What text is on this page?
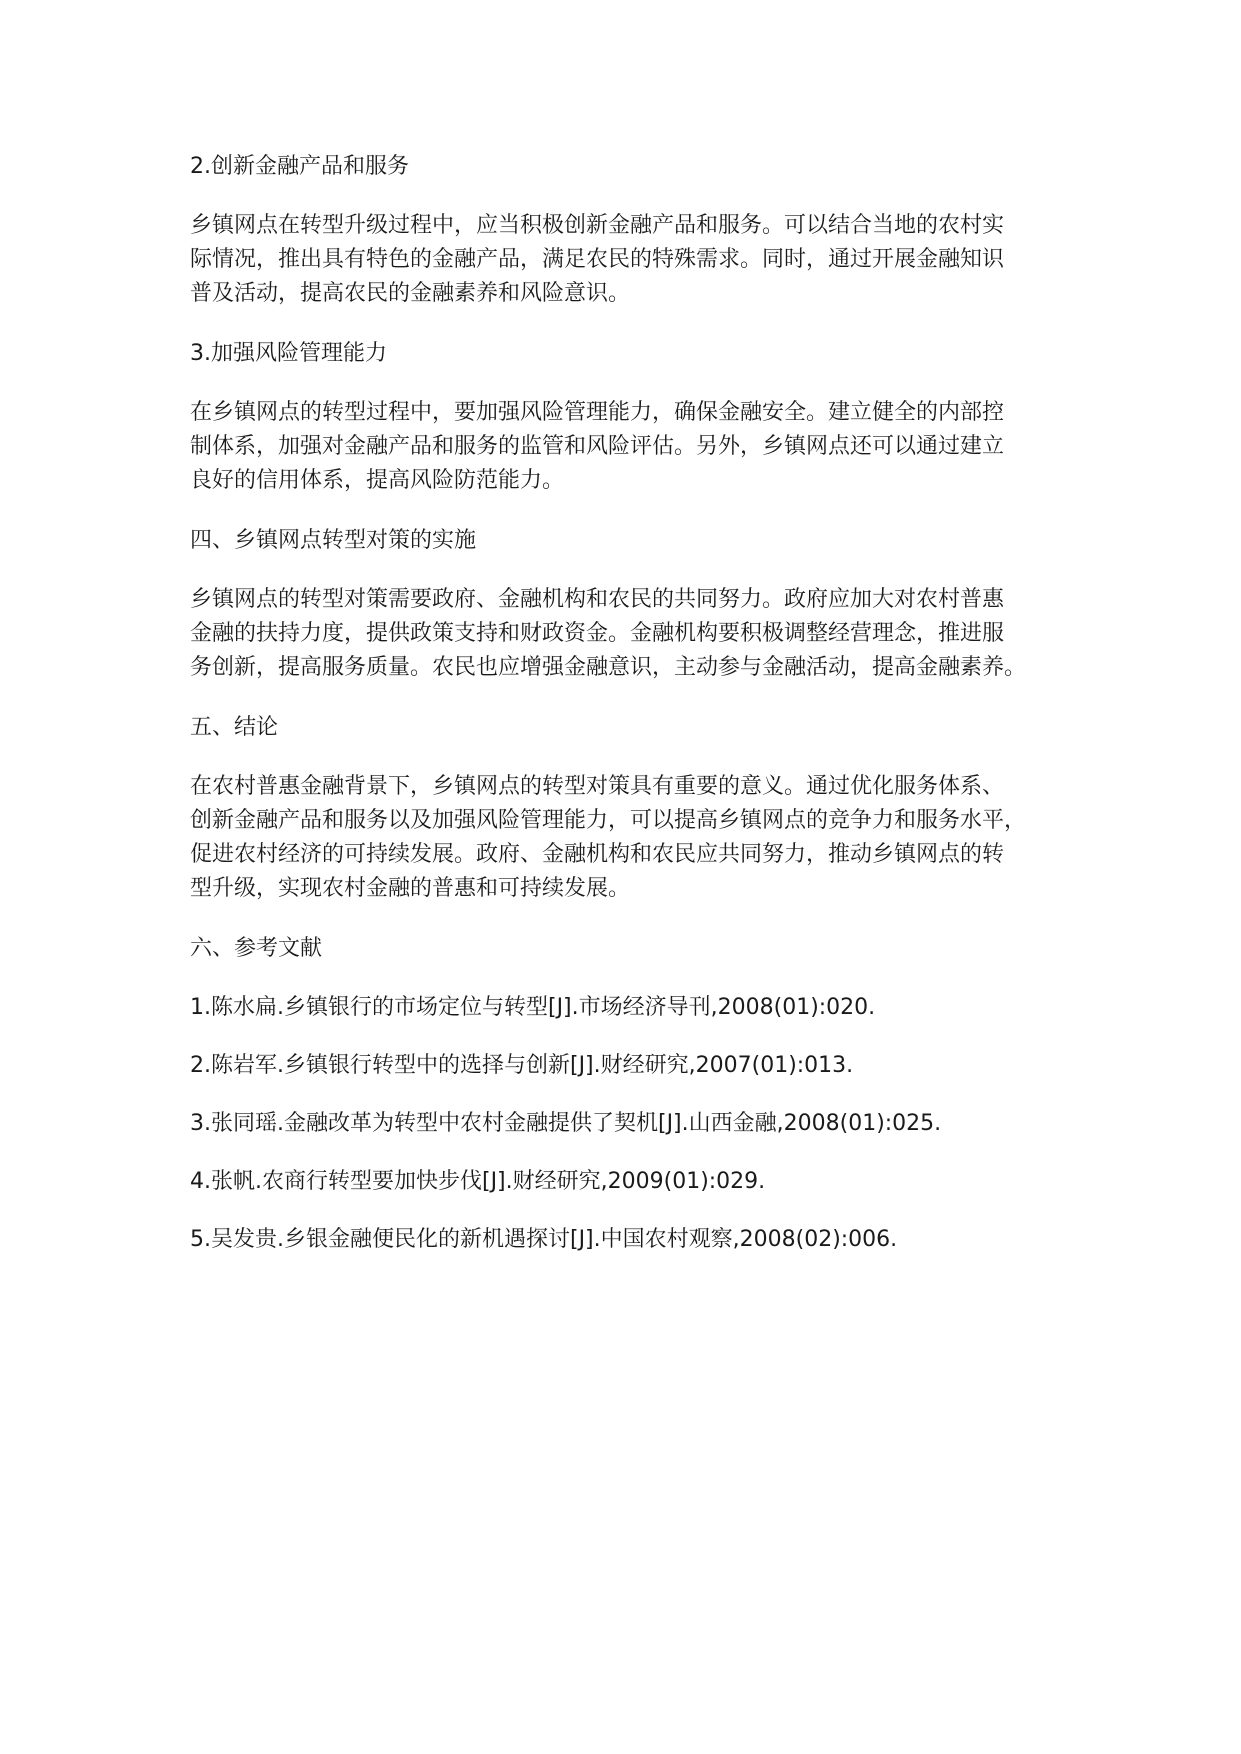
2.创新金融产品和服务

乡镇网点在转型升级过程中，应当积极创新金融产品和服务。可以结合当地的农村实
际情况，推出具有特色的金融产品，满足农民的特殊需求。同时，通过开展金融知识
普及活动，提高农民的金融素养和风险意识。

3.加强风险管理能力

在乡镇网点的转型过程中，要加强风险管理能力，确保金融安全。建立健全的内部控
制体系，加强对金融产品和服务的监管和风险评估。另外，乡镇网点还可以通过建立
良好的信用体系，提高风险防范能力。

四、乡镇网点转型对策的实施

乡镇网点的转型对策需要政府、金融机构和农民的共同努力。政府应加大对农村普惠
金融的扶持力度，提供政策支持和财政资金。金融机构要积极调整经营理念，推进服
务创新，提高服务质量。农民也应增强金融意识，主动参与金融活动，提高金融素养。

五、结论

在农村普惠金融背景下，乡镇网点的转型对策具有重要的意义。通过优化服务体系、
创新金融产品和服务以及加强风险管理能力，可以提高乡镇网点的竞争力和服务水平，
促进农村经济的可持续发展。政府、金融机构和农民应共同努力，推动乡镇网点的转
型升级，实现农村金融的普惠和可持续发展。

六、参考文献

1.陈水扁.乡镇银行的市场定位与转型[J].市场经济导刊,2008(01):020.

2.陈岩军.乡镇银行转型中的选择与创新[J].财经研究,2007(01):013.

3.张同瑶.金融改革为转型中农村金融提供了契机[J].山西金融,2008(01):025.

4.张帆.农商行转型要加快步伐[J].财经研究,2009(01):029.

5.吴发贵.乡银金融便民化的新机遇探讨[J].中国农村观察,2008(02):006.
